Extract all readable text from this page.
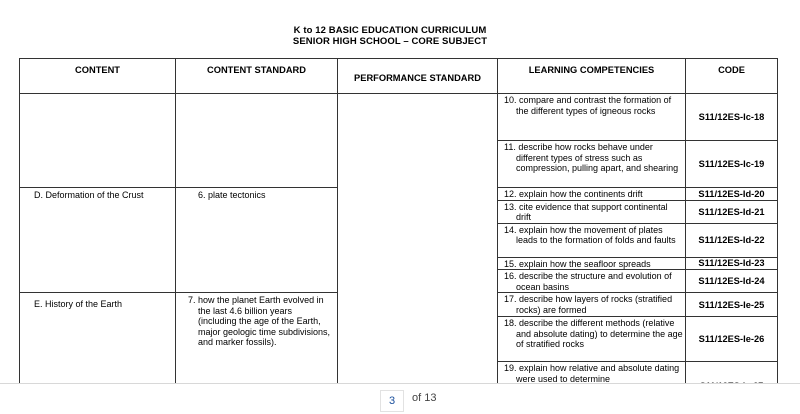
K to 12 BASIC EDUCATION CURRICULUM
SENIOR HIGH SCHOOL – CORE SUBJECT
CONTENT	CONTENT STANDARD	PERFORMANCE STANDARD	LEARNING COMPETENCIES	CODE
			10. compare and contrast the formation of the different types of igneous rocks	S11/12ES-Ic-18
			11. describe how rocks behave under different types of stress such as compression, pulling apart, and shearing	S11/12ES-Ic-19

D. Deformation of the Crust	6. plate tectonics		12. explain how the continents drift	S11/12ES-Id-20
			13. cite evidence that support continental drift	S11/12ES-Id-21
			14. explain how the movement of plates leads to the formation of folds and faults	S11/12ES-Id-22
			15. explain how the seafloor spreads	S11/12ES-Id-23
			16. describe the structure and evolution of ocean basins	S11/12ES-Id-24

E. History of the Earth	7. how the planet Earth evolved in the last 4.6 billion years (including the age of the Earth, major geologic time subdivisions, and marker fossils).		17. describe how layers of rocks (stratified rocks) are formed	S11/12ES-Ie-25
			18. describe the different methods (relative and absolute dating) to determine the age of stratified rocks	S11/12ES-Ie-26
			19. explain how relative and absolute dating were used to determine	
3	of 13
